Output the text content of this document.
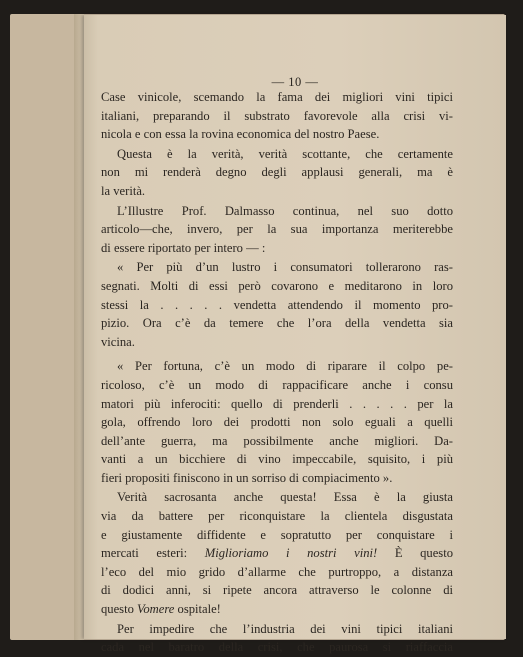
— 10 —
Case vinicole, scemando la fama dei migliori vini tipici
italiani, preparando il substrato favorevole alla crisi vi-
nicola e con essa la rovina economica del nostro Paese.
Questa è la verità, verità scottante, che certamente
non mi renderà degno degli applausi generali, ma è
la verità.
L’Illustre Prof. Dalmasso continua, nel suo dotto
articolo—che, invero, per la sua importanza meriterebbe
di essere riportato per intero — :
« Per più d’un lustro i consumatori tollerarono ras-
segnati. Molti di essi però covarono e meditarono in loro
stessi la . . . . . vendetta attendendo il momento pro-
pizio. Ora c’è da temere che l’ora della vendetta sia
vicina.
« Per fortuna, c’è un modo di riparare il colpo pe-
ricoloso, c’è un modo di rappacificare anche i consu
matori più inferociti: quello di prenderli . . . . . per la
gola, offrendo loro dei prodotti non solo eguali a quelli
dell’ante guerra, ma possibilmente anche migliori. Da-
vanti a un bicchiere di vino impeccabile, squisito, i più
fieri propositi finiscono in un sorriso di compiacimento ».
Verità sacrosanta anche questa! Essa è la giusta
via da battere per riconquistare la clientela disgustata
e giustamente diffidente e sopratutto per conquistare i
mercati esteri: Miglioriamo i nostri vini! È questo
l’eco del mio grido d’allarme che purtroppo, a distanza
di dodici anni, si ripete ancora attraverso le colonne di
questo Vomere ospitale!
Per impedire che l’industria dei vini tipici italiani
cada nel baratro della crisi, che paurosa si riaffaccia
